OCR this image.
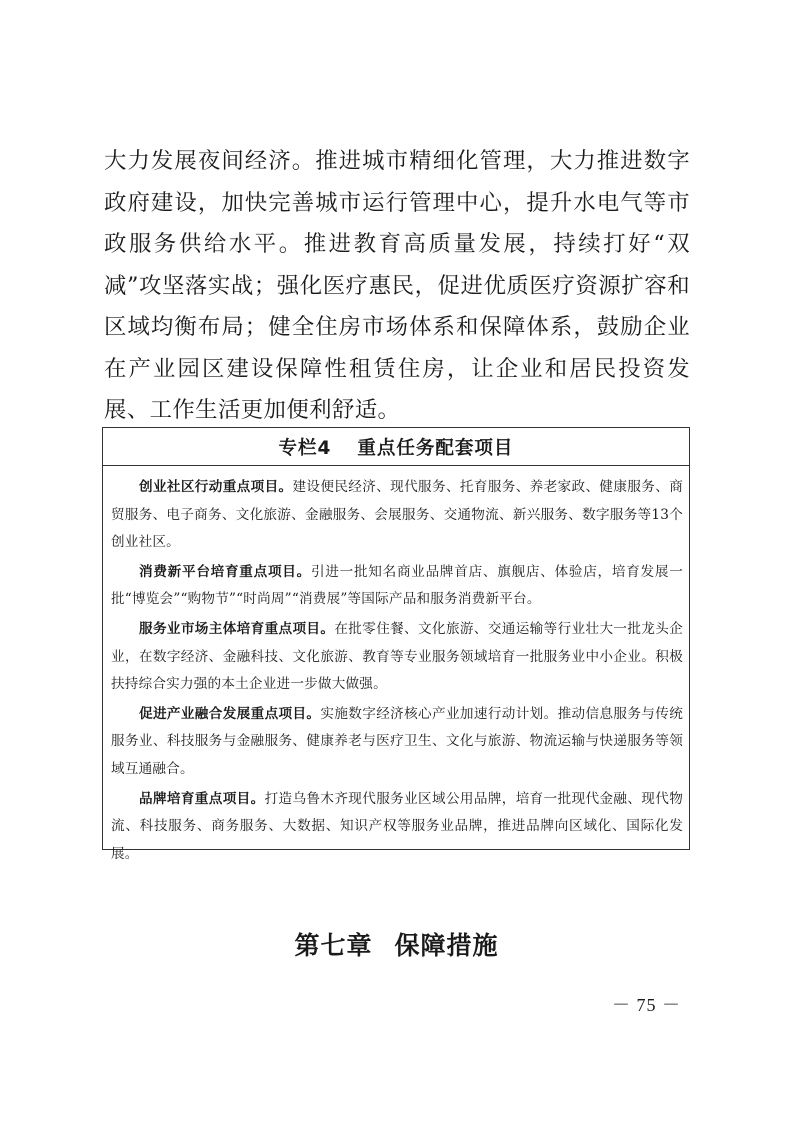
大力发展夜间经济。推进城市精细化管理，大力推进数字政府建设，加快完善城市运行管理中心，提升水电气等市政服务供给水平。推进教育高质量发展，持续打好“双减”攻坚落实战；强化医疗惠民，促进优质医疗资源扩容和区域均衡布局；健全住房市场体系和保障体系，鼓励企业在产业园区建设保障性租赁住房，让企业和居民投资发展、工作生活更加便利舒适。

专栏4 重点任务配套项目

创业社区行动重点项目。建设便民经济、现代服务、托育服务、养老家政、健康服务、商贸服务、电子商务、文化旅游、金融服务、会展服务、交通物流、新兴服务、数字服务等13个创业社区。

消费新平台培育重点项目。引进一批知名商业品牌首店、旗舰店、体验店，培育发展一批“博览会”“购物节”“时尚周”“消费展”等国际产品和服务消费新平台。

服务业市场主体培育重点项目。在批零住餐、文化旅游、交通运输等行业壮大一批龙头企业，在数字经济、金融科技、文化旅游、教育等专业服务领域培育一批服务业中小企业。积极扶持综合实力强的本土企业进一步做大做强。

促进产业融合发展重点项目。实施数字经济核心产业加速行动计划。推动信息服务与传统服务业、科技服务与金融服务、健康养老与医疗卫生、文化与旅游、物流运输与快递服务等领域互通融合。

品牌培育重点项目。打造乌鲁木齐现代服务业区域公用品牌，培育一批现代金融、现代物流、科技服务、商务服务、大数据、知识产权等服务业品牌，推进品牌向区域化、国际化发展。

第七章 保障措施
－ 75 －
